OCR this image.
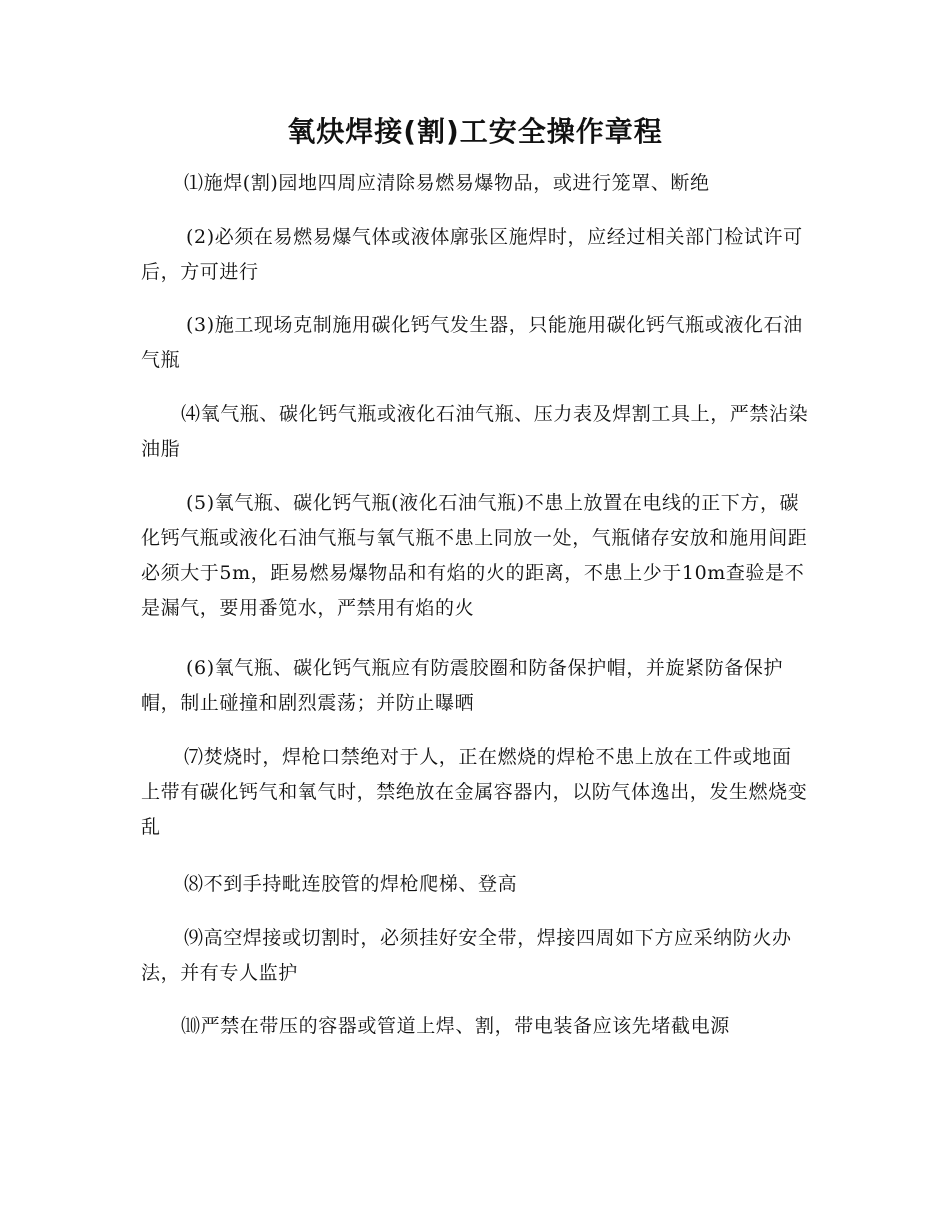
氧炔焊接(割)工安全操作章程

⑴施焊(割)园地四周应清除易燃易爆物品，或进行笼罩、断绝

(2)必须在易燃易爆气体或液体廓张区施焊时，应经过相关部门检试许可后，方可进行

(3)施工现场克制施用碳化钙气发生器，只能施用碳化钙气瓶或液化石油气瓶

⑷氧气瓶、碳化钙气瓶或液化石油气瓶、压力表及焊割工具上，严禁沾染油脂

(5)氧气瓶、碳化钙气瓶(液化石油气瓶)不患上放置在电线的正下方，碳化钙气瓶或液化石油气瓶与氧气瓶不患上同放一处，气瓶储存安放和施用间距必须大于5m，距易燃易爆物品和有焰的火的距离，不患上少于10m查验是不是漏气，要用番笕水，严禁用有焰的火

(6)氧气瓶、碳化钙气瓶应有防震胶圈和防备保护帽，并旋紧防备保护帽，制止碰撞和剧烈震荡；并防止曝晒

⑺焚烧时，焊枪口禁绝对于人，正在燃烧的焊枪不患上放在工件或地面上带有碳化钙气和氧气时，禁绝放在金属容器内，以防气体逸出，发生燃烧变乱

⑻不到手持毗连胶管的焊枪爬梯、登高

⑼高空焊接或切割时，必须挂好安全带，焊接四周如下方应采纳防火办法，并有专人监护

⑽严禁在带压的容器或管道上焊、割，带电装备应该先堵截电源
